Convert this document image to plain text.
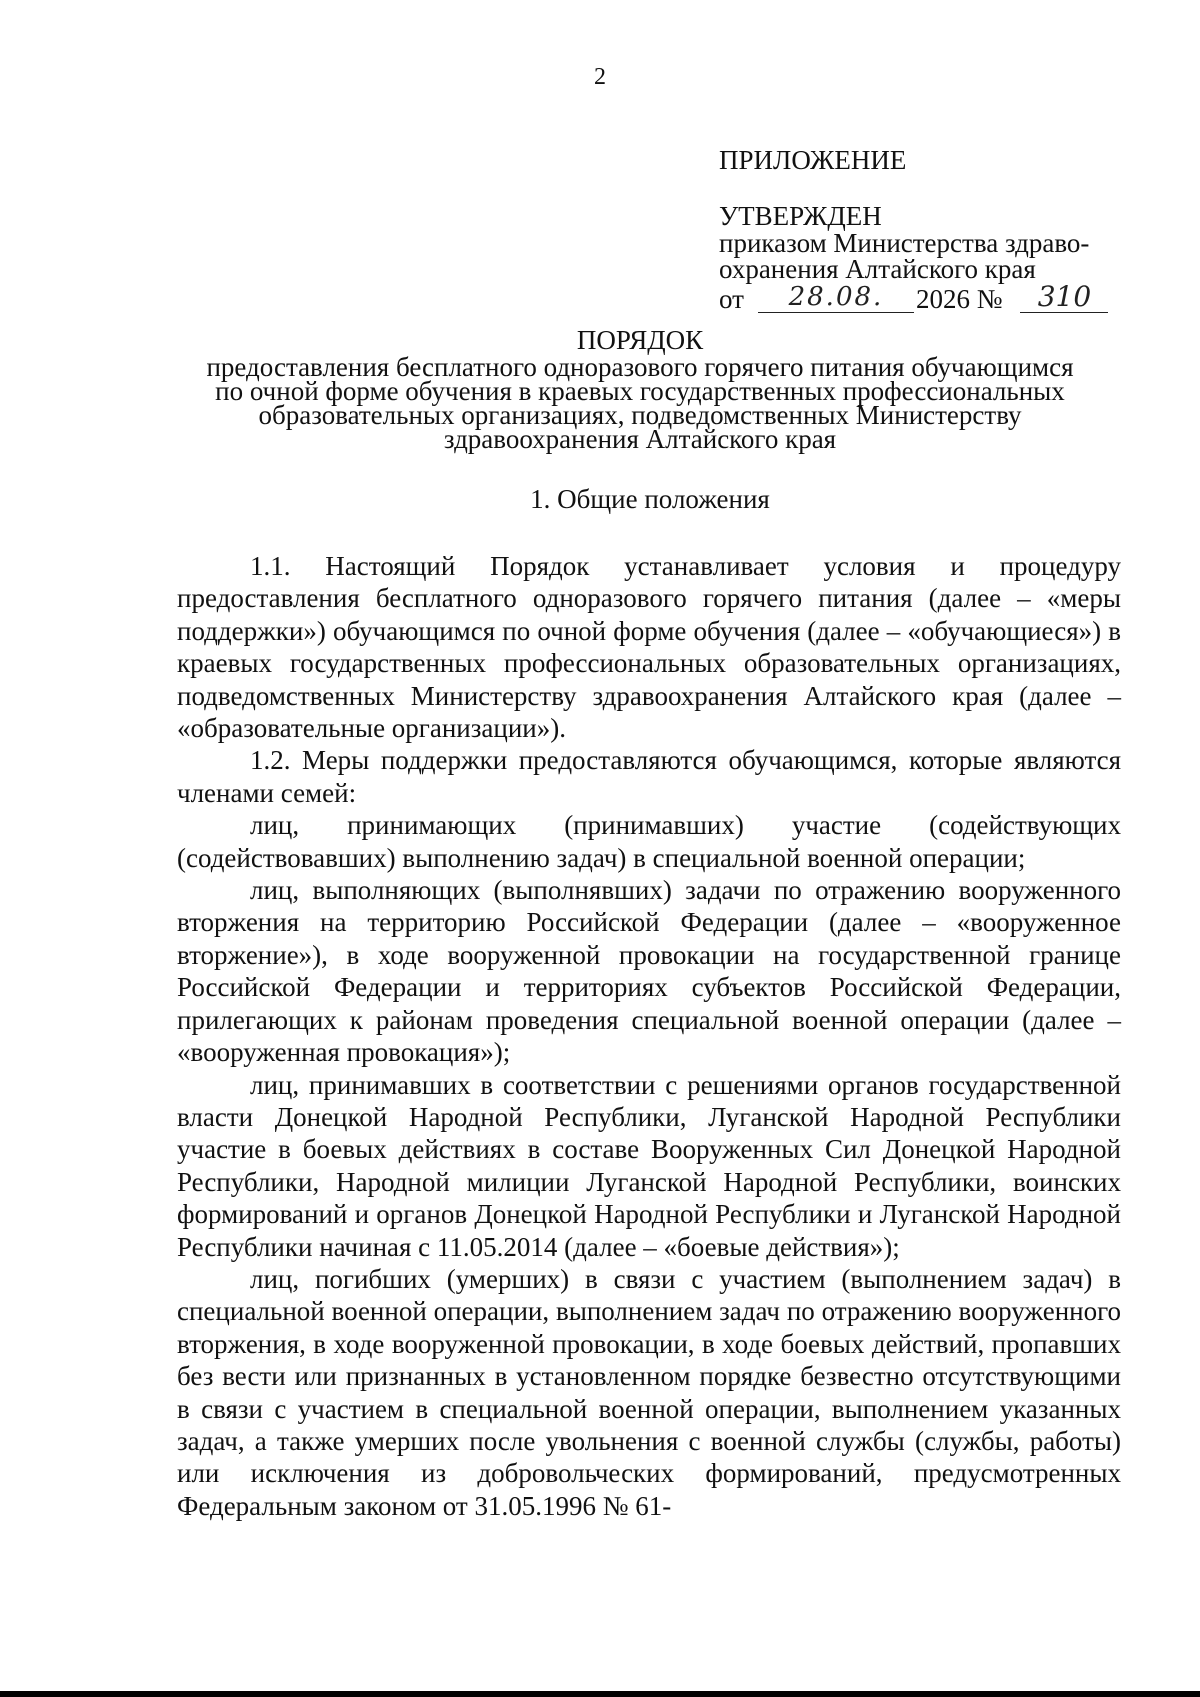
2
ПРИЛОЖЕНИЕ
УТВЕРЖДЕН
приказом Министерства здраво-
охранения Алтайского края
от	28.08.	2026 №	310
ПОРЯДОК
предоставления бесплатного одноразового горячего питания обучающимся
по очной форме обучения в краевых государственных профессиональных
образовательных организациях, подведомственных Министерству
здравоохранения Алтайского края
1. Общие положения

1.1. Настоящий Порядок устанавливает условия и процедуру предоставления бесплатного одноразового горячего питания (далее – «меры поддержки») обучающимся по очной форме обучения (далее – «обучающиеся») в краевых государственных профессиональных образовательных организациях, подведомственных Министерству здравоохранения Алтайского края (далее – «образовательные организации»).

1.2. Меры поддержки предоставляются обучающимся, которые являются членами семей:

лиц, принимающих (принимавших) участие (содействующих (содействовавших) выполнению задач) в специальной военной операции;

лиц, выполняющих (выполнявших) задачи по отражению вооруженного вторжения на территорию Российской Федерации (далее – «вооруженное вторжение»), в ходе вооруженной провокации на государственной границе Российской Федерации и территориях субъектов Российской Федерации, прилегающих к районам проведения специальной военной операции (далее – «вооруженная провокация»);

лиц, принимавших в соответствии с решениями органов государственной власти Донецкой Народной Республики, Луганской Народной Республики участие в боевых действиях в составе Вооруженных Сил Донецкой Народной Республики, Народной милиции Луганской Народной Республики, воинских формирований и органов Донецкой Народной Республики и Луганской Народной Республики начиная с 11.05.2014 (далее – «боевые действия»);

лиц, погибших (умерших) в связи с участием (выполнением задач) в специальной военной операции, выполнением задач по отражению вооруженного вторжения, в ходе вооруженной провокации, в ходе боевых действий, пропавших без вести или признанных в установленном порядке безвестно отсутствующими в связи с участием в специальной военной операции, выполнением указанных задач, а также умерших после увольнения с военной службы (службы, работы) или исключения из добровольческих формирований, предусмотренных Федеральным законом от 31.05.1996 № 61-
